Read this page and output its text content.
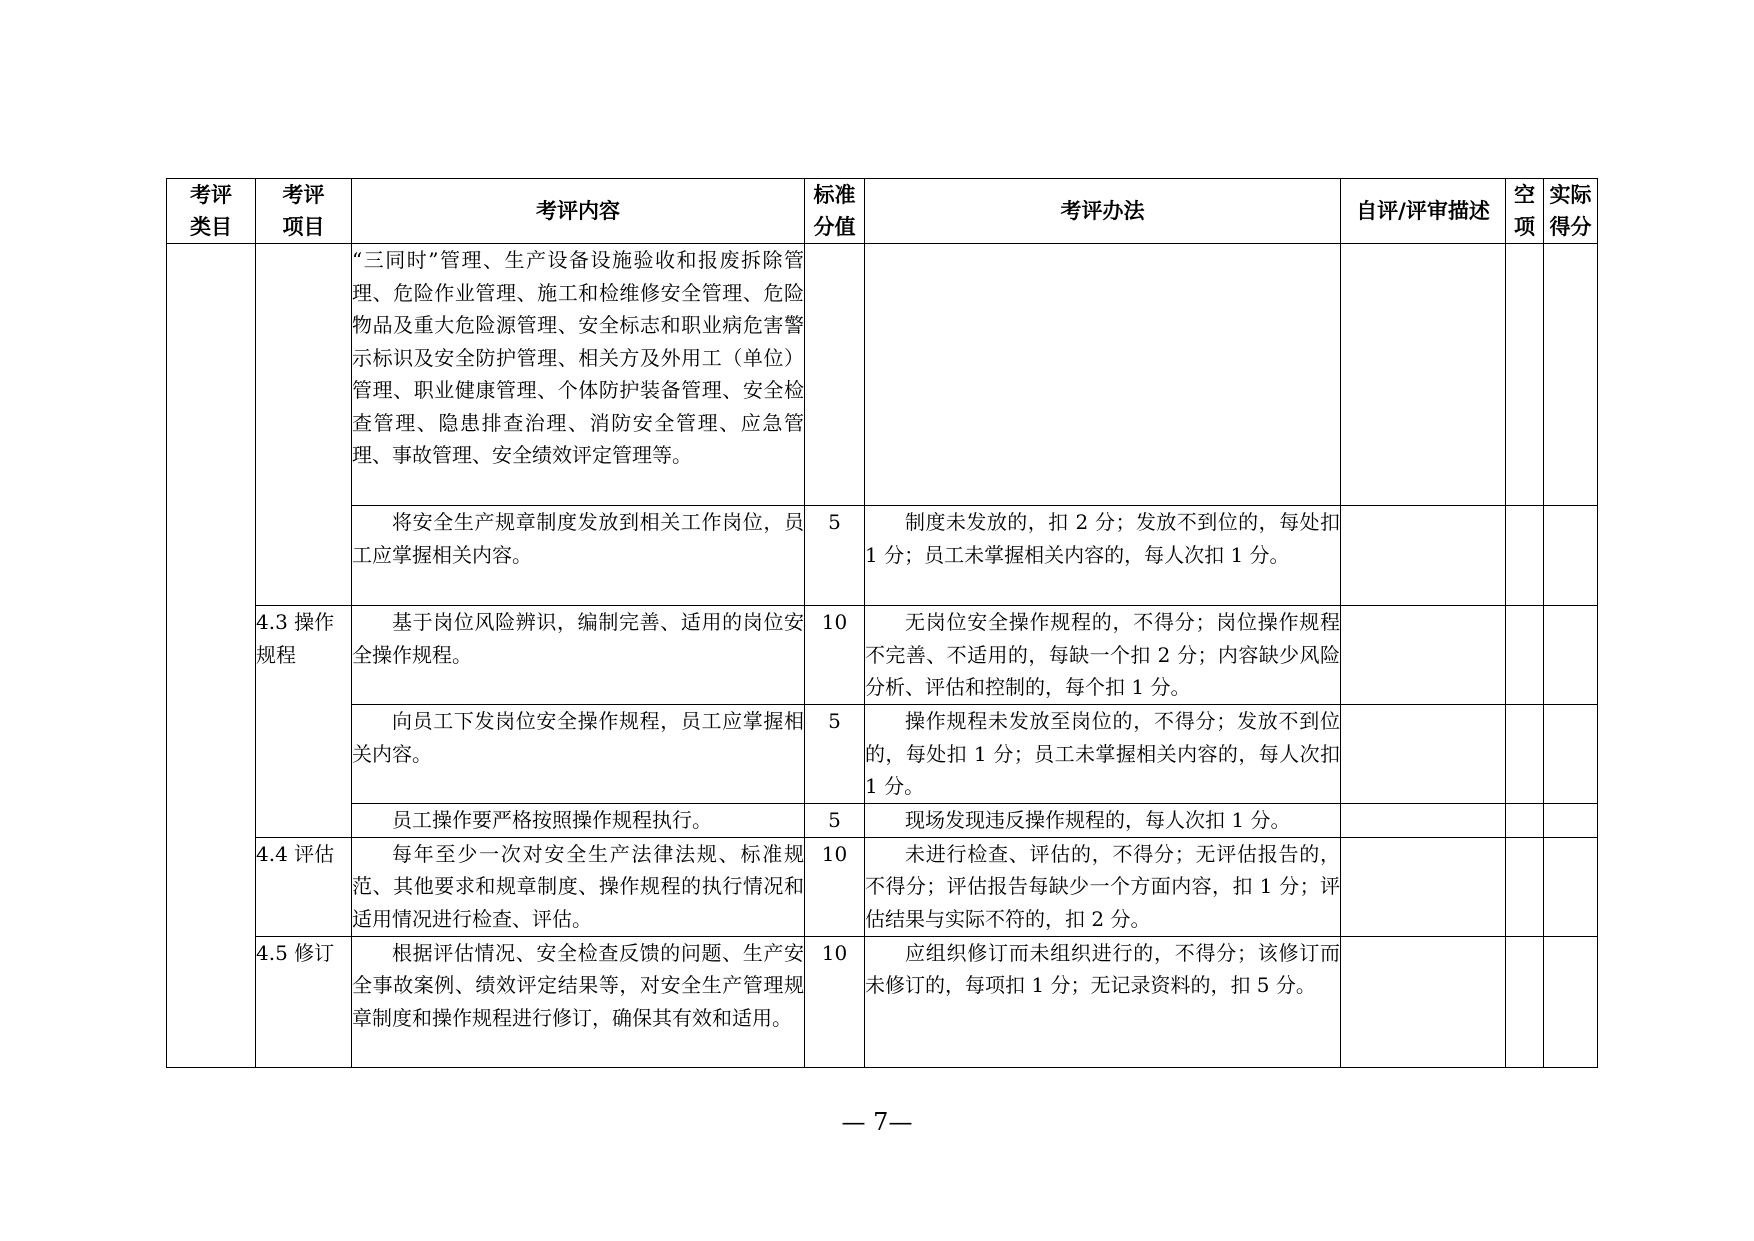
考评类目	考评项目	考评内容	标准分值	考评办法	自评/评审描述	空项	实际得分

		“三同时”管理、生产设备设施验收和报废拆除管理、危险作业管理、施工和检维修安全管理、危险物品及重大危险源管理、安全标志和职业病危害警示标识及安全防护管理、相关方及外用工（单位）管理、职业健康管理、个体防护装备管理、安全检查管理、隐患排查治理、消防安全管理、应急管理、事故管理、安全绩效评定管理等。					

		将安全生产规章制度发放到相关工作岗位，员工应掌握相关内容。	5	制度未发放的，扣 2 分；发放不到位的，每处扣 1 分；员工未掌握相关内容的，每人次扣 1 分。			

	4.3 操作规程	基于岗位风险辨识，编制完善、适用的岗位安全操作规程。	10	无岗位安全操作规程的，不得分；岗位操作规程不完善、不适用的，每缺一个扣 2 分；内容缺少风险分析、评估和控制的，每个扣 1 分。			

		向员工下发岗位安全操作规程，员工应掌握相关内容。	5	操作规程未发放至岗位的，不得分；发放不到位的，每处扣 1 分；员工未掌握相关内容的，每人次扣 1 分。			

		员工操作要严格按照操作规程执行。	5	现场发现违反操作规程的，每人次扣 1 分。			

	4.4 评估	每年至少一次对安全生产法律法规、标准规范、其他要求和规章制度、操作规程的执行情况和适用情况进行检查、评估。	10	未进行检查、评估的，不得分；无评估报告的，不得分；评估报告每缺少一个方面内容，扣 1 分；评估结果与实际不符的，扣 2 分。			

	4.5 修订	根据评估情况、安全检查反馈的问题、生产安全事故案例、绩效评定结果等，对安全生产管理规章制度和操作规程进行修订，确保其有效和适用。	10	应组织修订而未组织进行的，不得分；该修订而未修订的，每项扣 1 分；无记录资料的，扣 5 分。			

— 7—
